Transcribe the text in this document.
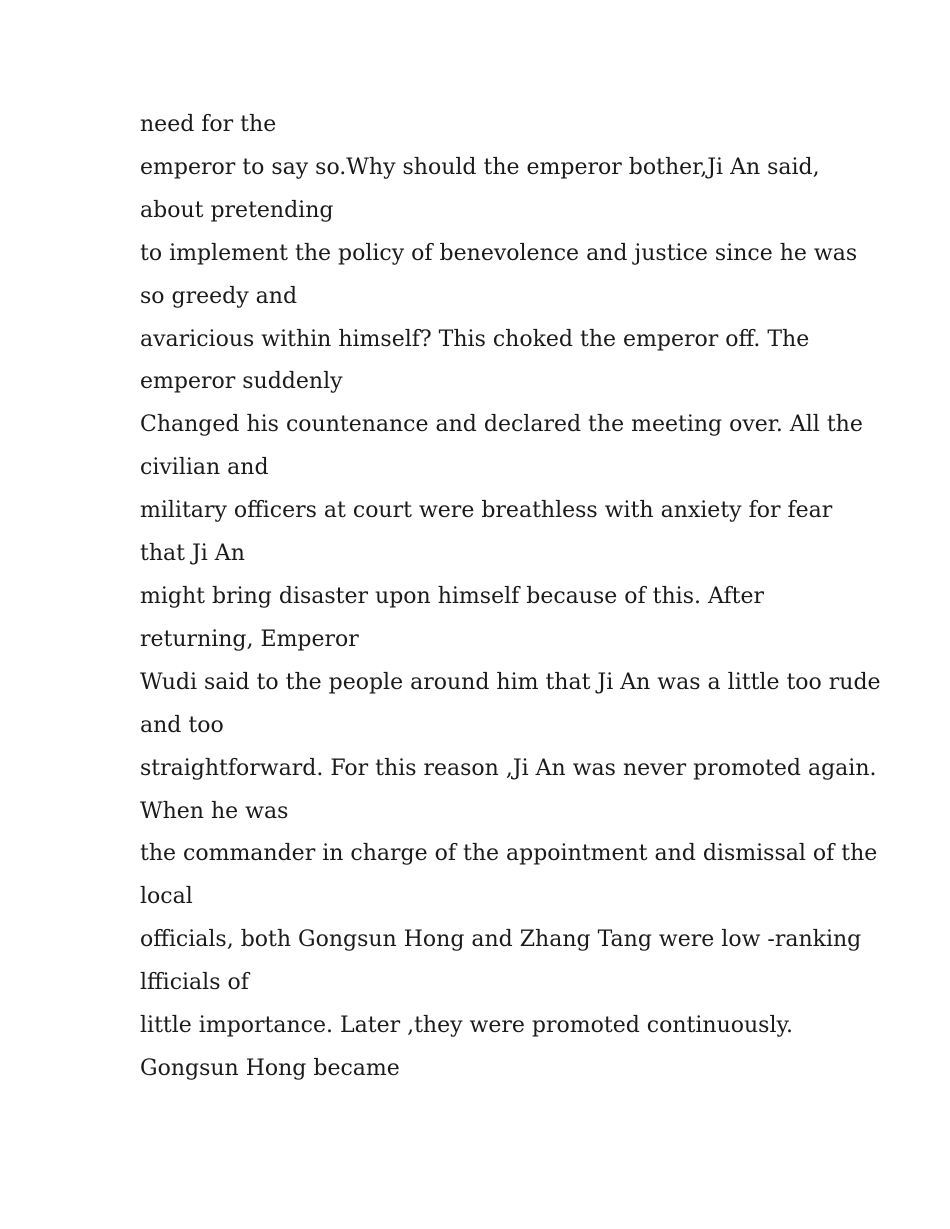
need for the

emperor to say so.Why should the emperor bother,Ji An said,

about pretending

to implement the policy of benevolence and justice since he was

so greedy and

avaricious within himself? This choked the emperor off. The

emperor suddenly

Changed his countenance and declared the meeting over. All the

civilian and

military officers at court were breathless with anxiety for fear

that Ji An

might bring disaster upon himself because of this. After

returning, Emperor

Wudi said to the people around him that Ji An was a little too rude

and too

straightforward. For this reason ,Ji An was never promoted again.

When he was

the commander in charge of the appointment and dismissal of the

local

officials, both Gongsun Hong and Zhang Tang were low -ranking

lfficials of

little importance. Later ,they were promoted continuously.

Gongsun Hong became
